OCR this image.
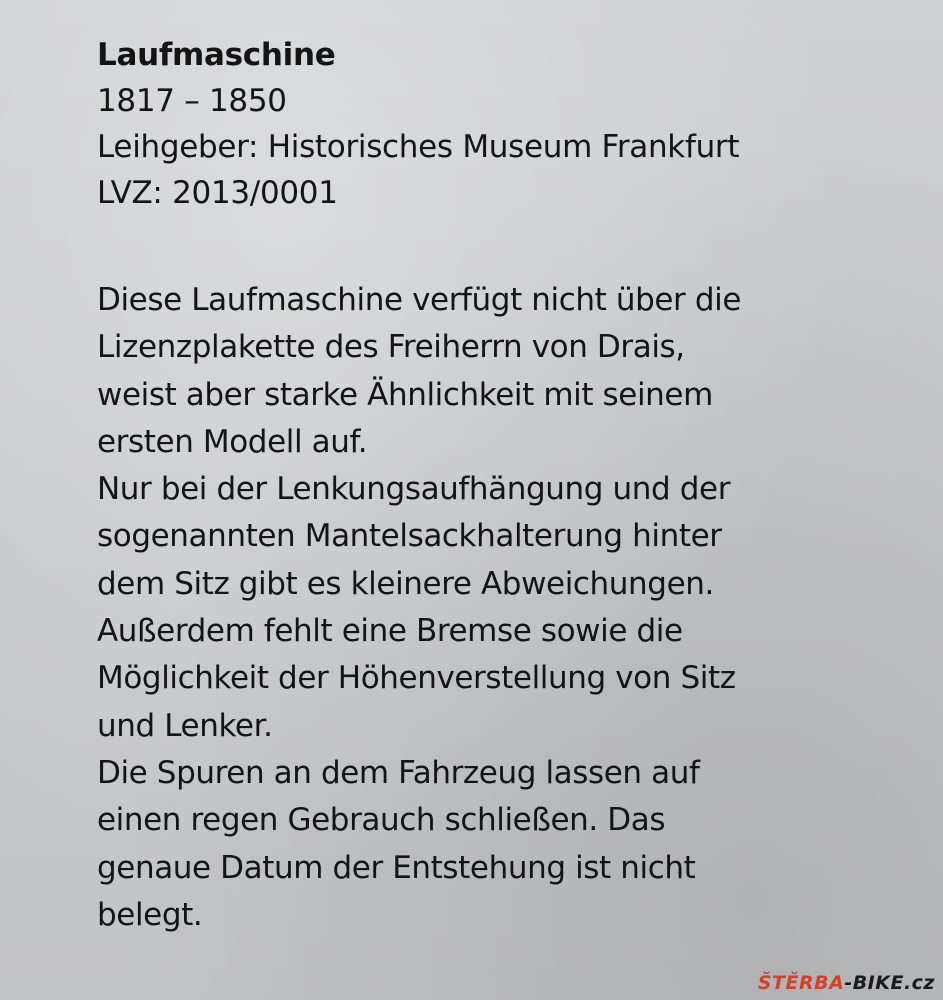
Laufmaschine
1817 – 1850
Leihgeber: Historisches Museum Frankfurt
LVZ: 2013/0001
Diese Laufmaschine verfügt nicht über die
Lizenzplakette des Freiherrn von Drais,
weist aber starke Ähnlichkeit mit seinem
ersten Modell auf.
Nur bei der Lenkungsaufhängung und der
sogenannten Mantelsackhalterung hinter
dem Sitz gibt es kleinere Abweichungen.
Außerdem fehlt eine Bremse sowie die
Möglichkeit der Höhenverstellung von Sitz
und Lenker.
Die Spuren an dem Fahrzeug lassen auf
einen regen Gebrauch schließen. Das
genaue Datum der Entstehung ist nicht
belegt.
ŠTĚRBA-BIKE.cz
